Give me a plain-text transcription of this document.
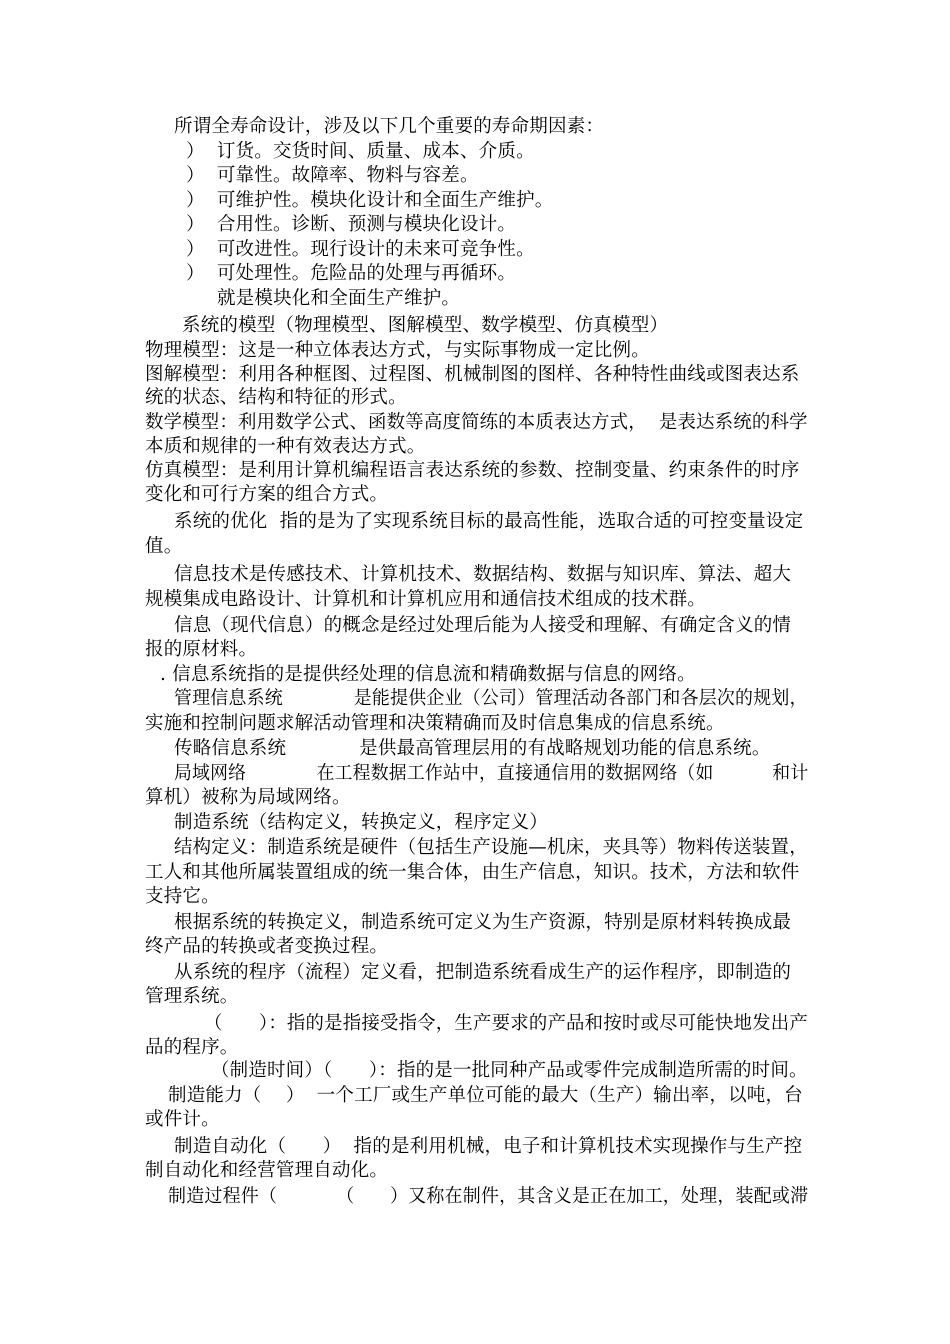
所谓全寿命设计，涉及以下几个重要的寿命期因素：
）  订货。交货时间、质量、成本、介质。
）  可靠性。故障率、物料与容差。
）  可维护性。模块化设计和全面生产维护。
）  合用性。诊断、预测与模块化设计。
）  可改进性。现行设计的未来可竞争性。
）  可处理性。危险品的处理与再循环。
就是模块化和全面生产维护。
系统的模型（物理模型、图解模型、数学模型、仿真模型）
物理模型：这是一种立体表达方式，与实际事物成一定比例。
图解模型：利用各种框图、过程图、机械制图的图样、各种特性曲线或图表达系
统的状态、结构和特征的形式。
数学模型：利用数学公式、函数等高度简练的本质表达方式，  是表达系统的科学
本质和规律的一种有效表达方式。
仿真模型：是利用计算机编程语言表达系统的参数、控制变量、约束条件的时序
变化和可行方案的组合方式。
系统的优化  指的是为了实现系统目标的最高性能，选取合适的可控变量设定
值。
信息技术是传感技术、计算机技术、数据结构、数据与知识库、算法、超大
规模集成电路设计、计算机和计算机应用和通信技术组成的技术群。
信息（现代信息）的概念是经过处理后能为人接受和理解、有确定含义的情
报的原材料。
. 信息系统指的是提供经处理的信息流和精确数据与信息的网络。
管理信息系统            是能提供企业（公司）管理活动各部门和各层次的规划，
实施和控制问题求解活动管理和决策精确而及时信息集成的信息系统。
传略信息系统            是供最高管理层用的有战略规划功能的信息系统。
局域网络            在工程数据工作站中，直接通信用的数据网络（如          和计
算机）被称为局域网络。
制造系统（结构定义，转换定义，程序定义）
结构定义：制造系统是硬件（包括生产设施—机床，夹具等）物料传送装置，
工人和其他所属装置组成的统一集合体，由生产信息，知识。技术，方法和软件
支持它。
根据系统的转换定义，制造系统可定义为生产资源，特别是原材料转换成最
终产品的转换或者变换过程。
从系统的程序（流程）定义看，把制造系统看成生产的运作程序，即制造的
管理系统。
（      ）：指的是指接受指令，生产要求的产品和按时或尽可能快地发出产
品的程序。
（制造时间）（      ）：指的是一批同种产品或零件完成制造所需的时间。
制造能力（    ）  一个工厂或生产单位可能的最大（生产）输出率，以吨，台
或件计。
制造自动化（      ）  指的是利用机械，电子和计算机技术实现操作与生产控
制自动化和经营管理自动化。
制造过程件（          （      ）又称在制件，其含义是正在加工，处理，装配或滞
